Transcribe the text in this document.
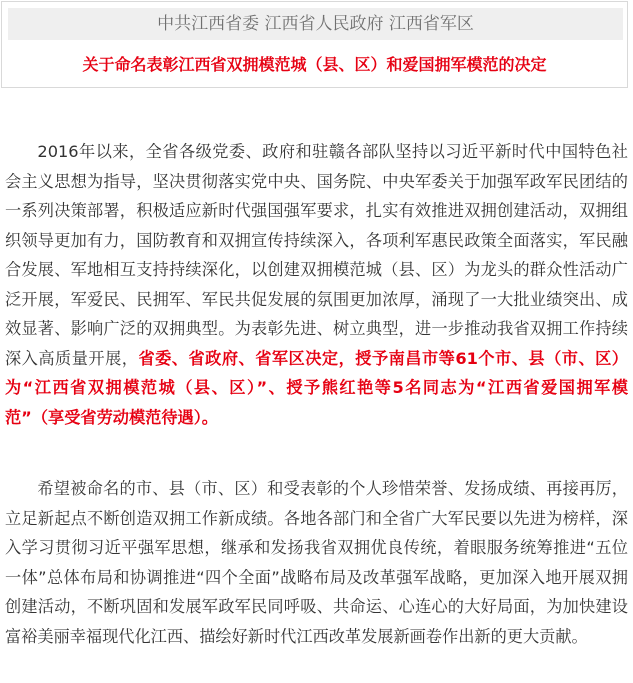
中共江西省委 江西省人民政府 江西省军区
关于命名表彰江西省双拥模范城（县、区）和爱国拥军模范的决定

2016年以来，全省各级党委、政府和驻赣各部队坚持以习近平新时代中国特色社会主义思想为指导，坚决贯彻落实党中央、国务院、中央军委关于加强军政军民团结的一系列决策部署，积极适应新时代强国强军要求，扎实有效推进双拥创建活动，双拥组织领导更加有力，国防教育和双拥宣传持续深入，各项利军惠民政策全面落实，军民融合发展、军地相互支持持续深化，以创建双拥模范城（县、区）为龙头的群众性活动广泛开展，军爱民、民拥军、军民共促发展的氛围更加浓厚，涌现了一大批业绩突出、成效显著、影响广泛的双拥典型。为表彰先进、树立典型，进一步推动我省双拥工作持续深入高质量开展，省委、省政府、省军区决定，授予南昌市等61个市、县（市、区）为“江西省双拥模范城（县、区）”、授予熊红艳等5名同志为“江西省爱国拥军模范”（享受省劳动模范待遇）。

希望被命名的市、县（市、区）和受表彰的个人珍惜荣誉、发扬成绩、再接再厉，立足新起点不断创造双拥工作新成绩。各地各部门和全省广大军民要以先进为榜样，深入学习贯彻习近平强军思想，继承和发扬我省双拥优良传统，着眼服务统筹推进“五位一体”总体布局和协调推进“四个全面”战略布局及改革强军战略，更加深入地开展双拥创建活动，不断巩固和发展军政军民同呼吸、共命运、心连心的大好局面，为加快建设富裕美丽幸福现代化江西、描绘好新时代江西改革发展新画卷作出新的更大贡献。
